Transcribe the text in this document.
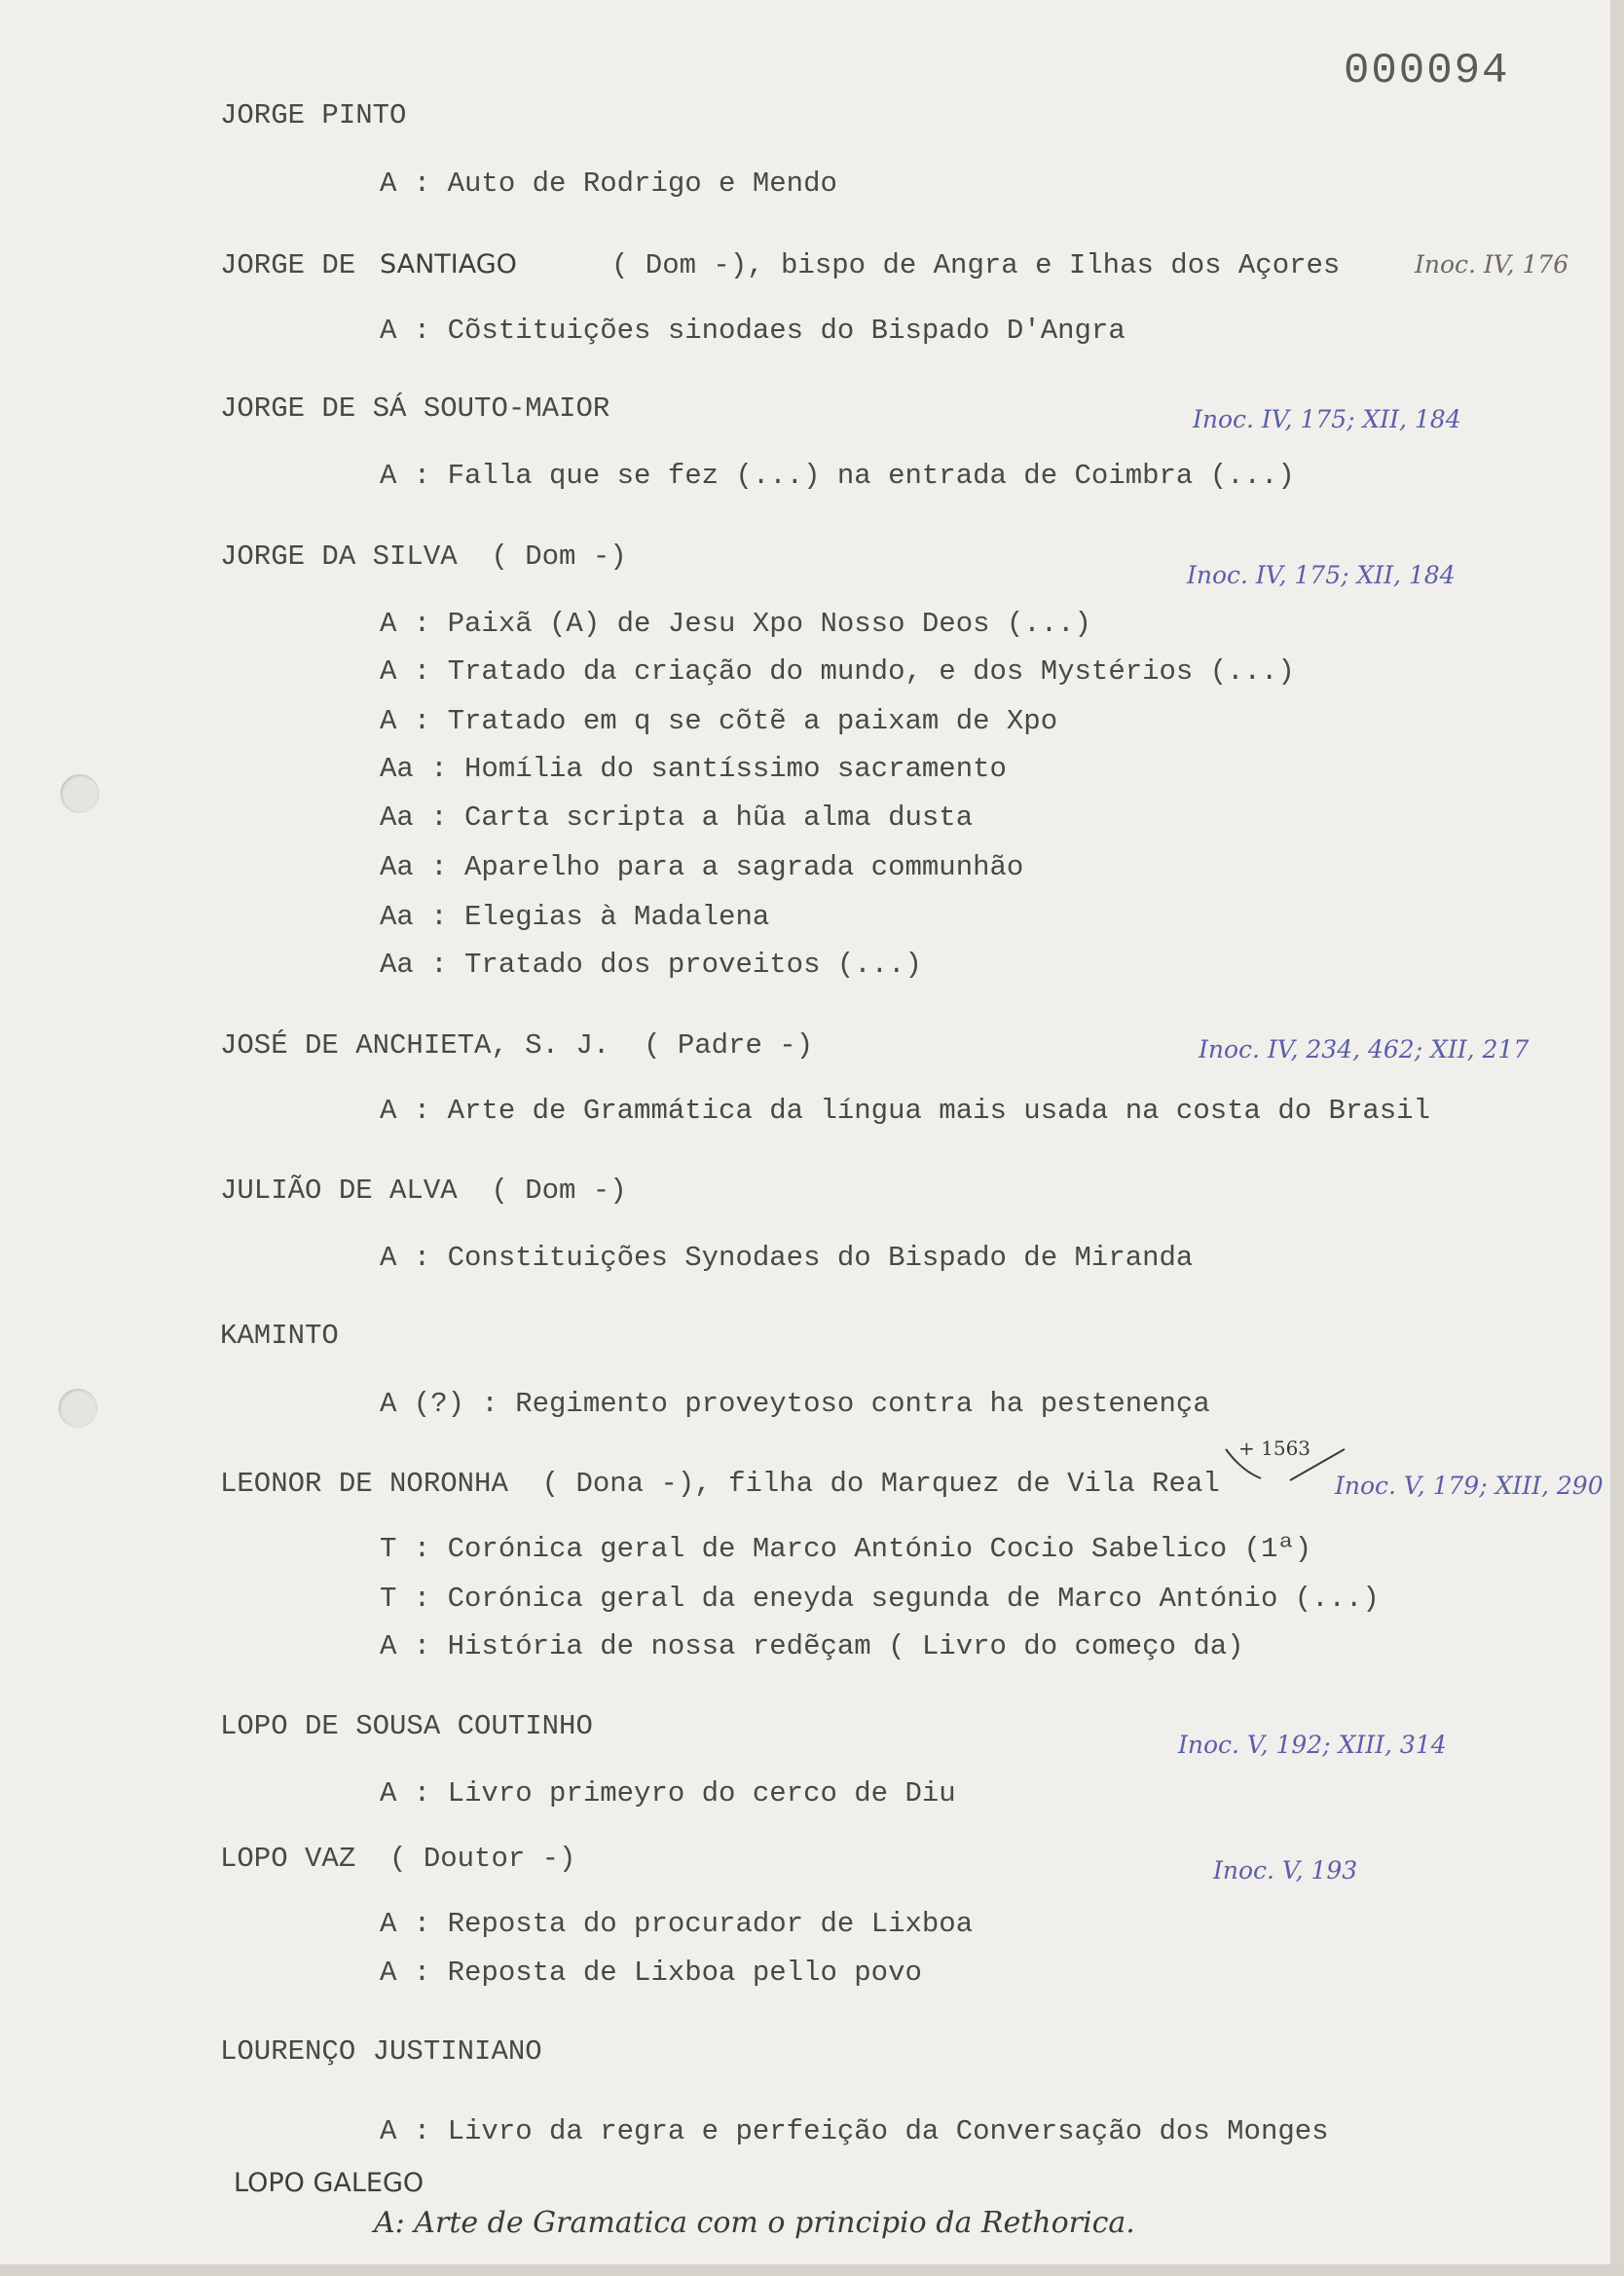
000094
JORGE PINTO
A : Auto de Rodrigo e Mendo
JORGE DE SANTIAGO	( Dom -), bispo de Angra e Ilhas dos Açores	Inoc. IV, 176
A : Cõstituições sinodaes do Bispado D'Angra
JORGE DE SÁ SOUTO-MAIOR	Inoc. IV, 175; XII, 184
A : Falla que se fez (...) na entrada de Coimbra (...)
JORGE DA SILVA  ( Dom -)
Inoc. IV, 175; XII, 184
A : Paixã (A) de Jesu Xpo Nosso Deos (...)
A : Tratado da criação do mundo, e dos Mystérios (...)
A : Tratado em q se cõtẽ a paixam de Xpo
Aa : Homília do santíssimo sacramento
Aa : Carta scripta a hũa alma dusta
Aa : Aparelho para a sagrada communhão
Aa : Elegias à Madalena
Aa : Tratado dos proveitos (...)
JOSÉ DE ANCHIETA, S. J.  ( Padre -)	Inoc. IV, 234, 462; XII, 217
A : Arte de Grammática da língua mais usada na costa do Brasil
JULIÃO DE ALVA  ( Dom -)
A : Constituições Synodaes do Bispado de Miranda
KAMINTO
A (?) : Regimento proveytoso contra ha pestenença
LEONOR DE NORONHA  ( Dona -), filha do Marquez de Vila Real
+ 1563
Inoc. V, 179; XIII, 290
T : Corónica geral de Marco António Cocio Sabelico (1ª)
T : Corónica geral da eneyda segunda de Marco António (...)
A : História de nossa redẽçam ( Livro do começo da)
LOPO DE SOUSA COUTINHO
Inoc. V, 192; XIII, 314
A : Livro primeyro do cerco de Diu
LOPO VAZ  ( Doutor -)	Inoc. V, 193
A : Reposta do procurador de Lixboa
A : Reposta de Lixboa pello povo
LOURENÇO JUSTINIANO
A : Livro da regra e perfeição da Conversação dos Monges
LOPO GALEGO
A: Arte de Gramatica com o principio da Rethorica.
